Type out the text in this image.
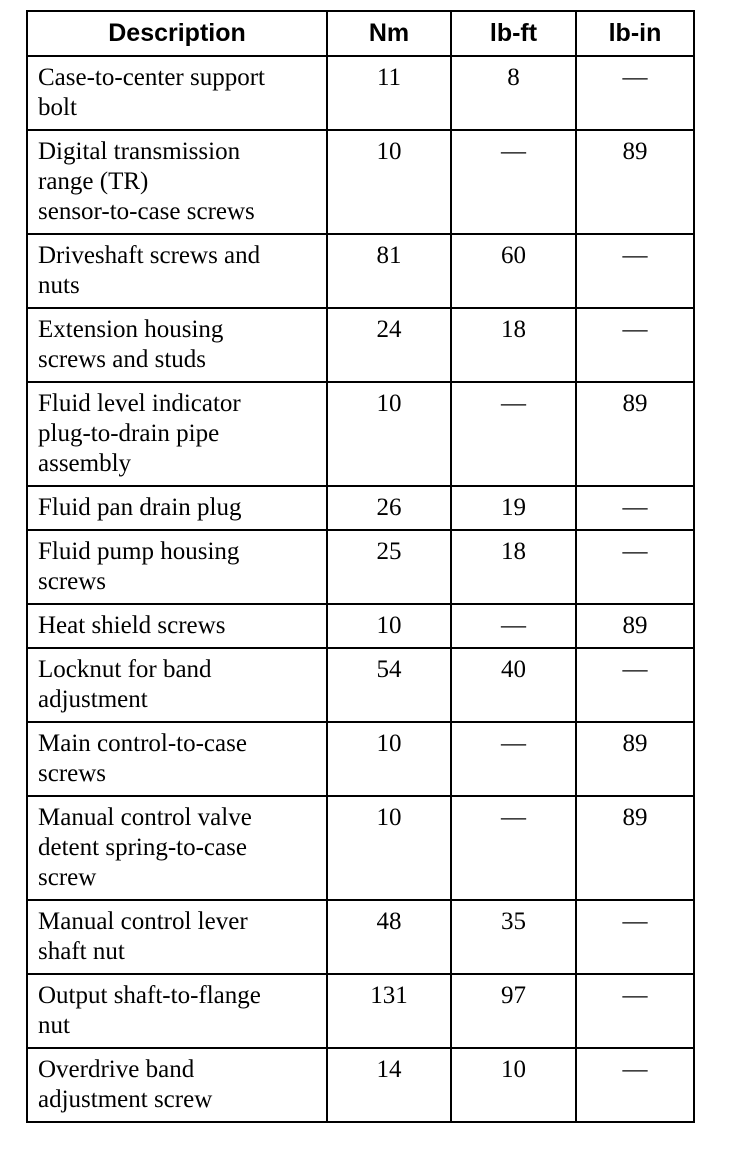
Description	Nm	lb-ft	lb-in
Case-to-center support
bolt	11	8	—
Digital transmission
range (TR)
sensor-to-case screws	10	—	89
Driveshaft screws and
nuts	81	60	—
Extension housing
screws and studs	24	18	—
Fluid level indicator
plug-to-drain pipe
assembly	10	—	89
Fluid pan drain plug	26	19	—
Fluid pump housing
screws	25	18	—
Heat shield screws	10	—	89
Locknut for band
adjustment	54	40	—
Main control-to-case
screws	10	—	89
Manual control valve
detent spring-to-case
screw	10	—	89
Manual control lever
shaft nut	48	35	—
Output shaft-to-flange
nut	131	97	—
Overdrive band
adjustment screw	14	10	—
